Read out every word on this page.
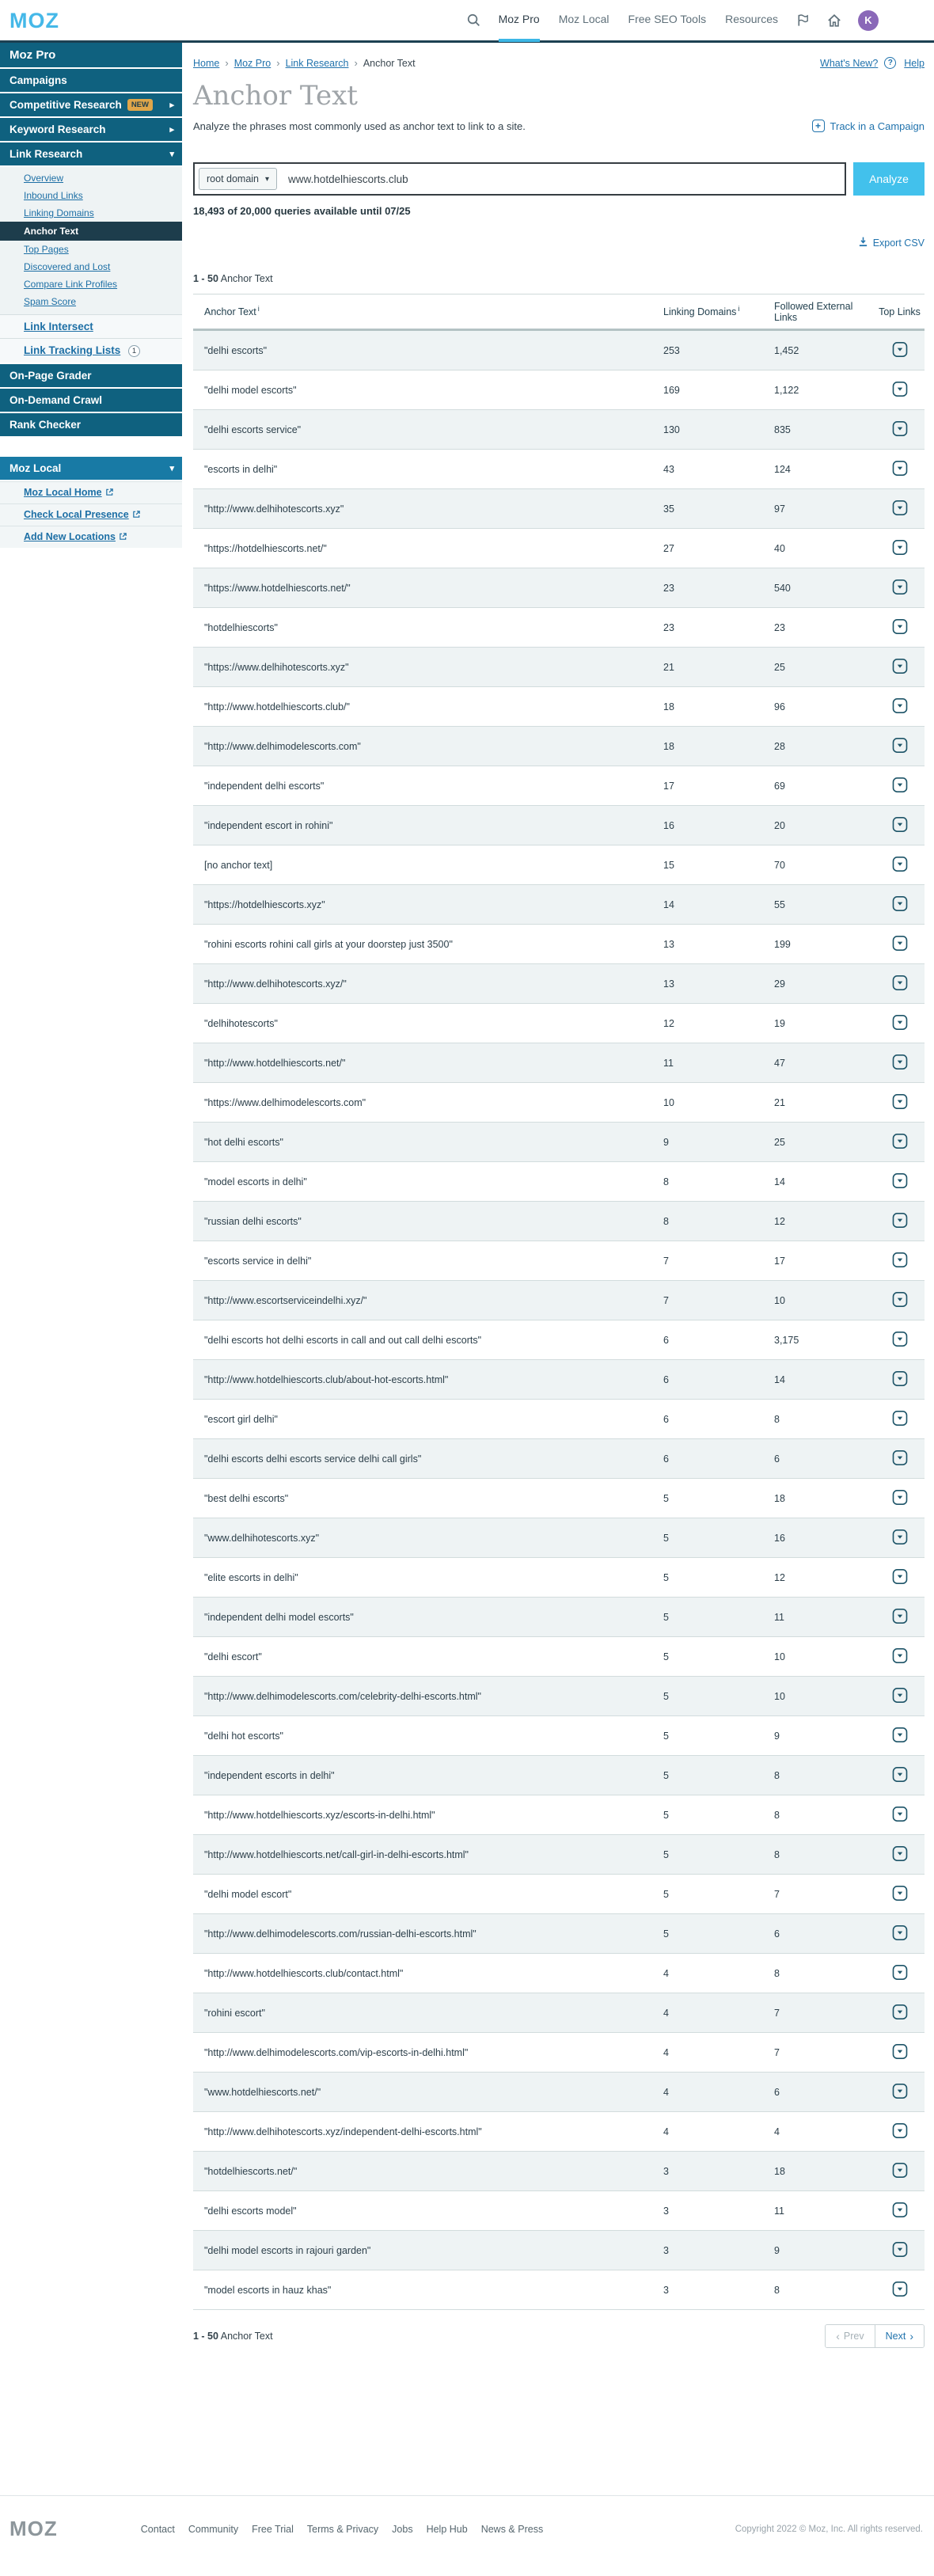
MOZ	Moz Pro Moz Local Free SEO Tools Resources	K
Moz Pro
Campaigns
Competitive Research	NEW	▸
Keyword Research	▸
Link Research	▾
Overview
Inbound Links
Linking Domains
Anchor Text
Top Pages
Discovered and Lost
Compare Link Profiles
Spam Score
Link Intersect
Link Tracking Lists 1
On-Page Grader
On-Demand Crawl
Rank Checker
Moz Local	▾
Moz Local Home
Check Local Presence
Add New Locations
Home › Moz Pro › Link Research › Anchor Text	What's New?	?	Help
Anchor Text
Analyze the phrases most commonly used as anchor text to link to a site.	+ Track in a Campaign
root domain ▾
www.hotdelhiescorts.club	Analyze
18,493 of 20,000 queries available until 07/25
Export CSV
1 - 50 Anchor Text
Anchor Text $^i$	Linking Domains $^i$	Followed External Links	Top Links
"delhi escorts"	253	1,452
"delhi model escorts"	169	1,122
"delhi escorts service"	130	835
"escorts in delhi"	43	124
"http://www.delhihotescorts.xyz"	35	97
"https://hotdelhiescorts.net/"	27	40
"https://www.hotdelhiescorts.net/"	23	540
"hotdelhiescorts"	23	23
"https://www.delhihotescorts.xyz"	21	25
"http://www.hotdelhiescorts.club/"	18	96
"http://www.delhimodelescorts.com"	18	28
"independent delhi escorts"	17	69
"independent escort in rohini"	16	20
[no anchor text]	15	70
"https://hotdelhiescorts.xyz"	14	55
"rohini escorts rohini call girls at your doorstep just 3500"	13	199
"http://www.delhihotescorts.xyz/"	13	29
"delhihotescorts"	12	19
"http://www.hotdelhiescorts.net/"	11	47
"https://www.delhimodelescorts.com"	10	21
"hot delhi escorts"	9	25
"model escorts in delhi"	8	14
"russian delhi escorts"	8	12
"escorts service in delhi"	7	17
"http://www.escortserviceindelhi.xyz/"	7	10
"delhi escorts hot delhi escorts in call and out call delhi escorts"	6	3,175
"http://www.hotdelhiescorts.club/about-hot-escorts.html"	6	14
"escort girl delhi"	6	8
"delhi escorts delhi escorts service delhi call girls"	6	6
"best delhi escorts"	5	18
"www.delhihotescorts.xyz"	5	16
"elite escorts in delhi"	5	12
"independent delhi model escorts"	5	11
"delhi escort"	5	10
"http://www.delhimodelescorts.com/celebrity-delhi-escorts.html"	5	10
"delhi hot escorts"	5	9
"independent escorts in delhi"	5	8
"http://www.hotdelhiescorts.xyz/escorts-in-delhi.html"	5	8
"http://www.hotdelhiescorts.net/call-girl-in-delhi-escorts.html"	5	8
"delhi model escort"	5	7
"http://www.delhimodelescorts.com/russian-delhi-escorts.html"	5	6
"http://www.hotdelhiescorts.club/contact.html"	4	8
"rohini escort"	4	7
"http://www.delhimodelescorts.com/vip-escorts-in-delhi.html"	4	7
"www.hotdelhiescorts.net/"	4	6
"http://www.delhihotescorts.xyz/independent-delhi-escorts.html"	4	4
"hotdelhiescorts.net/"	3	18
"delhi escorts model"	3	11
"delhi model escorts in rajouri garden"	3	9
"model escorts in hauz khas"	3	8
1 - 50 Anchor Text	‹ Prev Next ›
MOZ	Contact Community Free Trial Terms & Privacy Jobs Help Hub News & Press	Copyright 2022 © Moz, Inc. All rights reserved.
